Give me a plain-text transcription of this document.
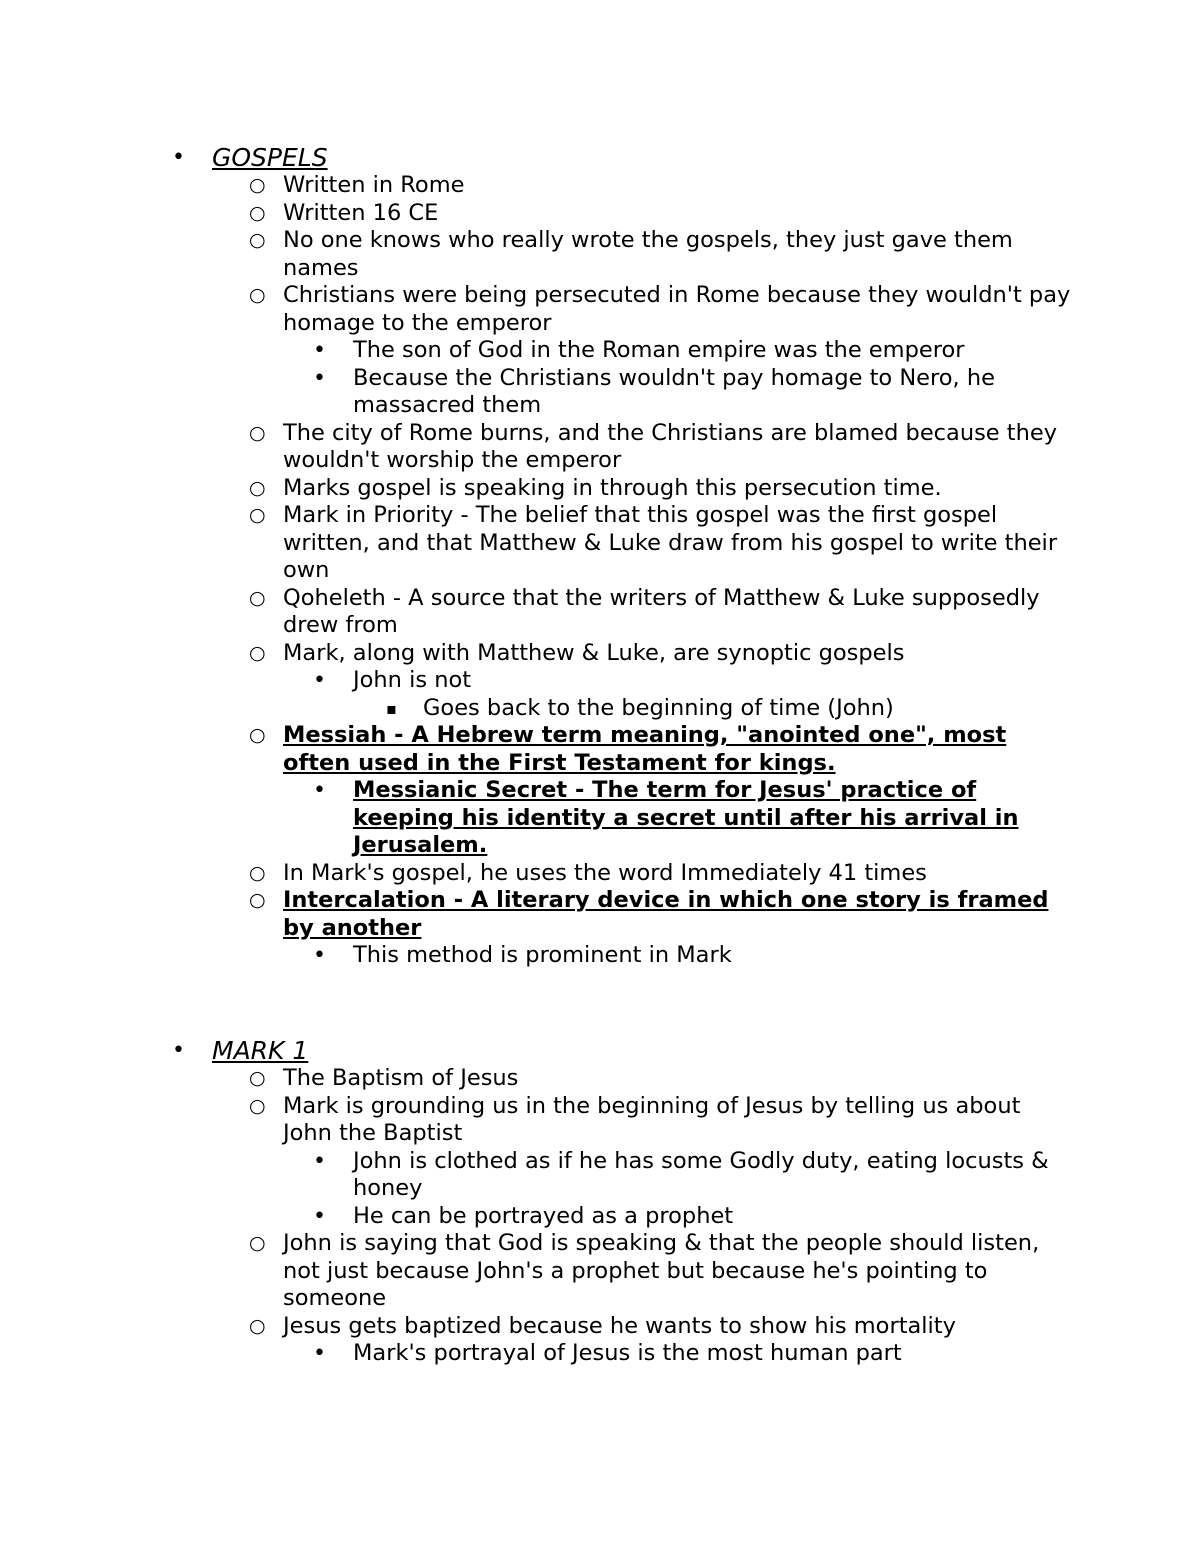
• GOSPELS
○ Written in Rome
○ Written 16 CE
○ No one knows who really wrote the gospels, they just gave them names
○ Christians were being persecuted in Rome because they wouldn't pay homage to the emperor
• The son of God in the Roman empire was the emperor
• Because the Christians wouldn't pay homage to Nero, he massacred them
○ The city of Rome burns, and the Christians are blamed because they wouldn't worship the emperor
○ Marks gospel is speaking in through this persecution time.
○ Mark in Priority - The belief that this gospel was the first gospel written, and that Matthew & Luke draw from his gospel to write their own
○ Qoheleth - A source that the writers of Matthew & Luke supposedly drew from
○ Mark, along with Matthew & Luke, are synoptic gospels
• John is not
▪ Goes back to the beginning of time (John)
○ Messiah - A Hebrew term meaning, "anointed one", most often used in the First Testament for kings.
• Messianic Secret - The term for Jesus' practice of keeping his identity a secret until after his arrival in Jerusalem.
○ In Mark's gospel, he uses the word Immediately 41 times
○ Intercalation - A literary device in which one story is framed by another
• This method is prominent in Mark
• MARK 1
○ The Baptism of Jesus
○ Mark is grounding us in the beginning of Jesus by telling us about John the Baptist
• John is clothed as if he has some Godly duty, eating locusts & honey
• He can be portrayed as a prophet
○ John is saying that God is speaking & that the people should listen, not just because John's a prophet but because he's pointing to someone
○ Jesus gets baptized because he wants to show his mortality
• Mark's portrayal of Jesus is the most human part
